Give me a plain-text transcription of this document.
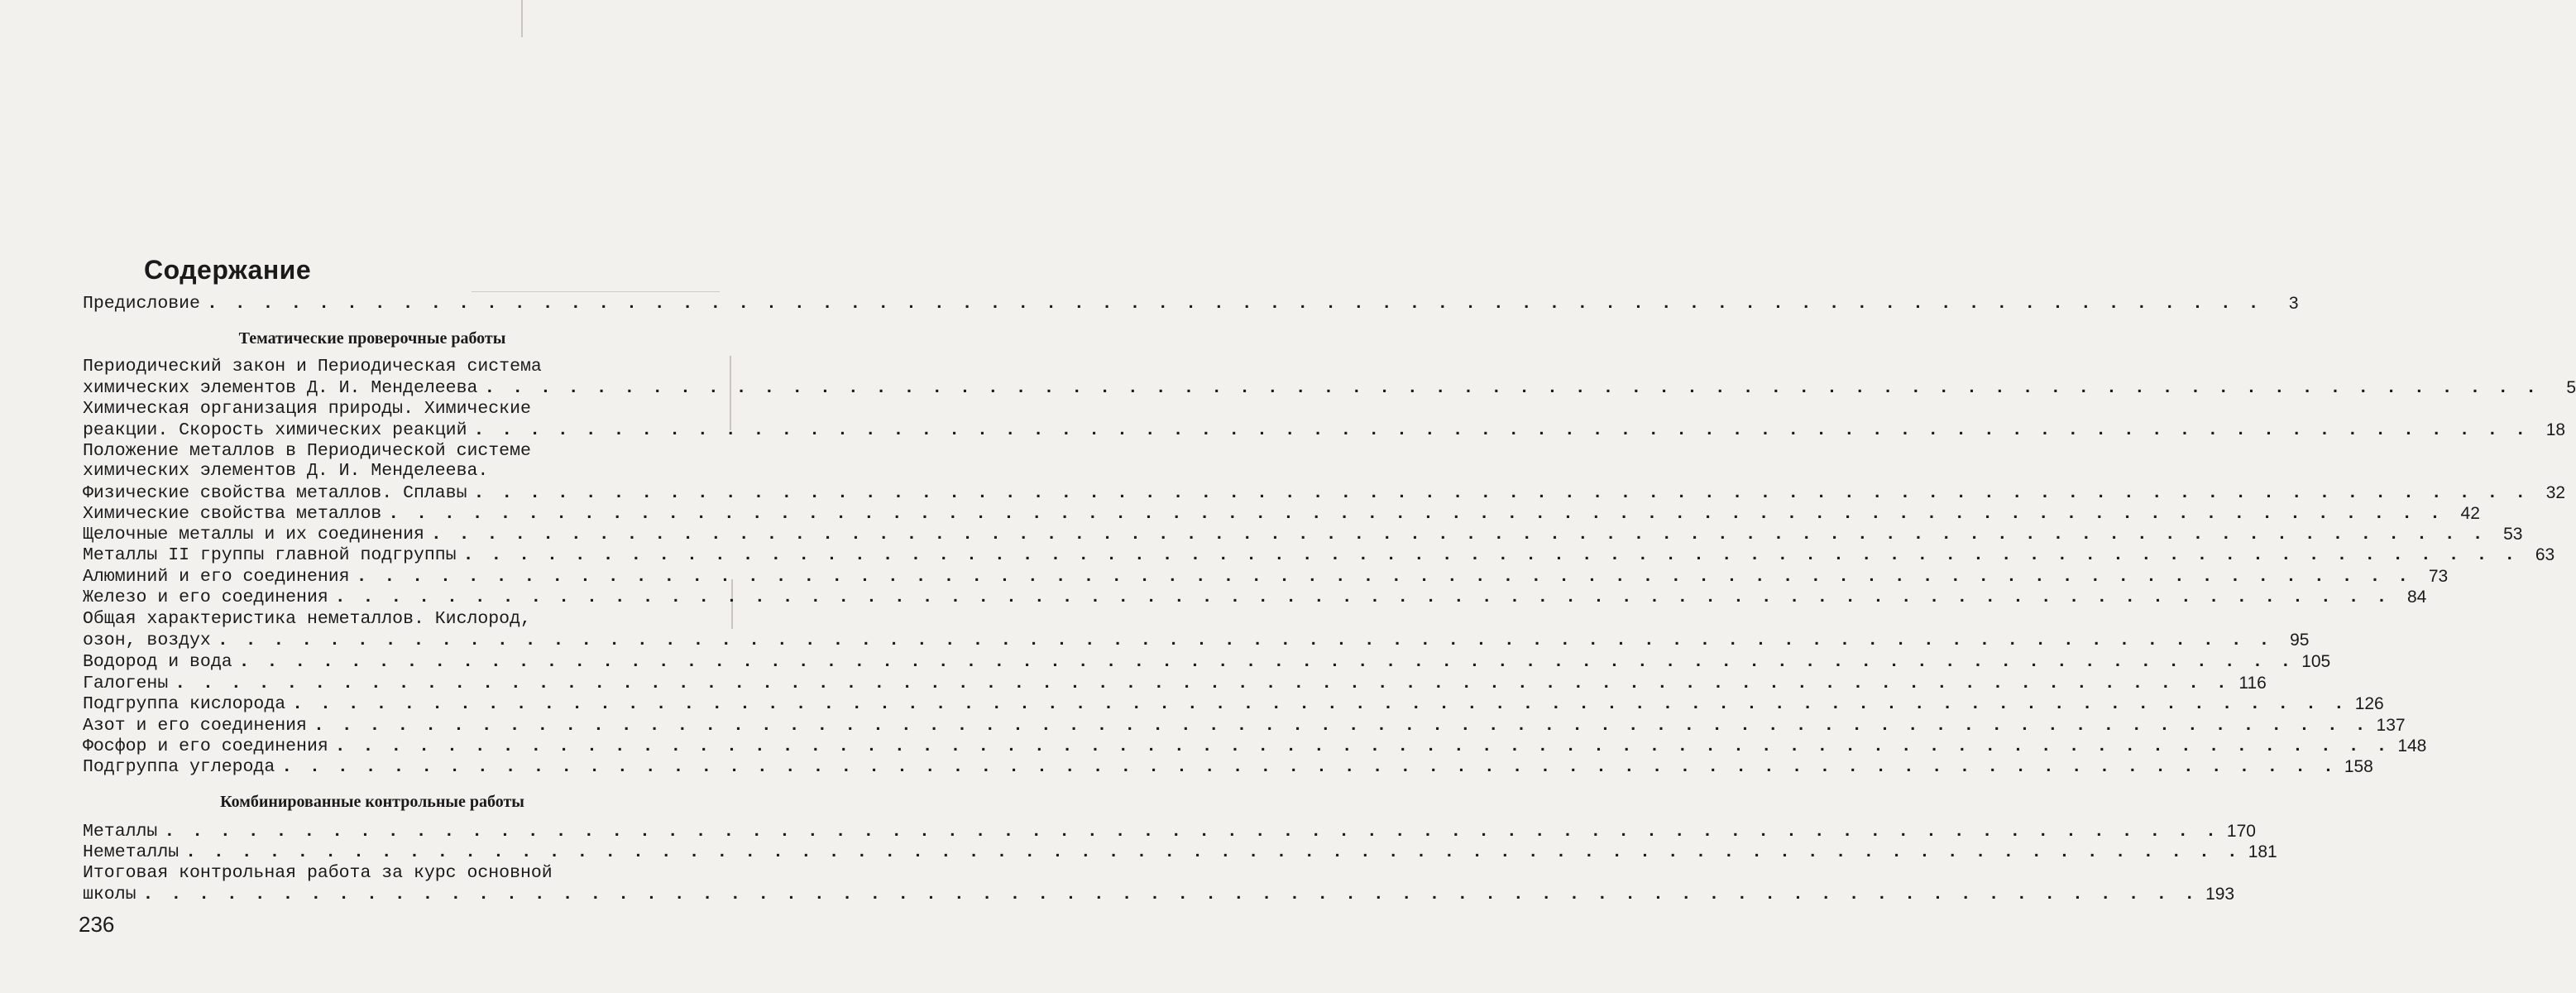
Содержание
Предисловие . . . . . . . . . . . . . . . . . . . . . . . . . . . . . . . . . . . . . . . . . . . . . . . . . . . . . . . . . . . . . . . . . . . . . . . . . .	3
Тематические проверочные работы
Периодический закон и Периодическая система
химических элементов Д. И. Менделеева . . . . . . . . . . . . . . . . . . . . . . . . . . . . . . . . . . . . . . . . . . . . . . . . . . . . . . . . . . . . . . . . . . . . . . . . . .	5
Химическая организация природы. Химические
реакции. Скорость химических реакций . . . . . . . . . . . . . . . . . . . . . . . . . . . . . . . . . . . . . . . . . . . . . . . . . . . . . . . . . . . . . . . . . . . . . . . . . . 18
Положение металлов в Периодической системе
химических элементов Д. И. Менделеева.
Физические свойства металлов. Сплавы . . . . . . . . . . . . . . . . . . . . . . . . . . . . . . . . . . . . . . . . . . . . . . . . . . . . . . . . . . . . . . . . . . . . . . . . . . 32
Химические свойства металлов . . . . . . . . . . . . . . . . . . . . . . . . . . . . . . . . . . . . . . . . . . . . . . . . . . . . . . . . . . . . . . . . . . . . . . . . . . 42
Щелочные металлы и их соединения . . . . . . . . . . . . . . . . . . . . . . . . . . . . . . . . . . . . . . . . . . . . . . . . . . . . . . . . . . . . . . . . . . . . . . . . . . 53
Металлы II группы главной подгруппы . . . . . . . . . . . . . . . . . . . . . . . . . . . . . . . . . . . . . . . . . . . . . . . . . . . . . . . . . . . . . . . . . . . . . . . . . . 63
Алюминий и его соединения . . . . . . . . . . . . . . . . . . . . . . . . . . . . . . . . . . . . . . . . . . . . . . . . . . . . . . . . . . . . . . . . . . . . . . . . . . 73
Железо и его соединения . . . . . . . . . . . . . . . . . . . . . . . . . . . . . . . . . . . . . . . . . . . . . . . . . . . . . . . . . . . . . . . . . . . . . . . . . . 84
Общая характеристика неметаллов. Кислород,
озон, воздух . . . . . . . . . . . . . . . . . . . . . . . . . . . . . . . . . . . . . . . . . . . . . . . . . . . . . . . . . . . . . . . . . . . . . . . . . . 95
Водород и вода . . . . . . . . . . . . . . . . . . . . . . . . . . . . . . . . . . . . . . . . . . . . . . . . . . . . . . . . . . . . . . . . . . . . . . . . . . 105
Галогены . . . . . . . . . . . . . . . . . . . . . . . . . . . . . . . . . . . . . . . . . . . . . . . . . . . . . . . . . . . . . . . . . . . . . . . . . . 116
Подгруппа кислорода . . . . . . . . . . . . . . . . . . . . . . . . . . . . . . . . . . . . . . . . . . . . . . . . . . . . . . . . . . . . . . . . . . . . . . . . . . 126
Азот и его соединения . . . . . . . . . . . . . . . . . . . . . . . . . . . . . . . . . . . . . . . . . . . . . . . . . . . . . . . . . . . . . . . . . . . . . . . . . . 137
Фосфор и его соединения . . . . . . . . . . . . . . . . . . . . . . . . . . . . . . . . . . . . . . . . . . . . . . . . . . . . . . . . . . . . . . . . . . . . . . . . . . 148
Подгруппа углерода . . . . . . . . . . . . . . . . . . . . . . . . . . . . . . . . . . . . . . . . . . . . . . . . . . . . . . . . . . . . . . . . . . . . . . . . . . 158
Комбинированные контрольные работы
Металлы . . . . . . . . . . . . . . . . . . . . . . . . . . . . . . . . . . . . . . . . . . . . . . . . . . . . . . . . . . . . . . . . . . . . . . . . . . 170
Неметаллы . . . . . . . . . . . . . . . . . . . . . . . . . . . . . . . . . . . . . . . . . . . . . . . . . . . . . . . . . . . . . . . . . . . . . . . . . . 181
Итоговая контрольная работа за курс основной
школы . . . . . . . . . . . . . . . . . . . . . . . . . . . . . . . . . . . . . . . . . . . . . . . . . . . . . . . . . . . . . . . . . . . . . . . . . . 193
236
